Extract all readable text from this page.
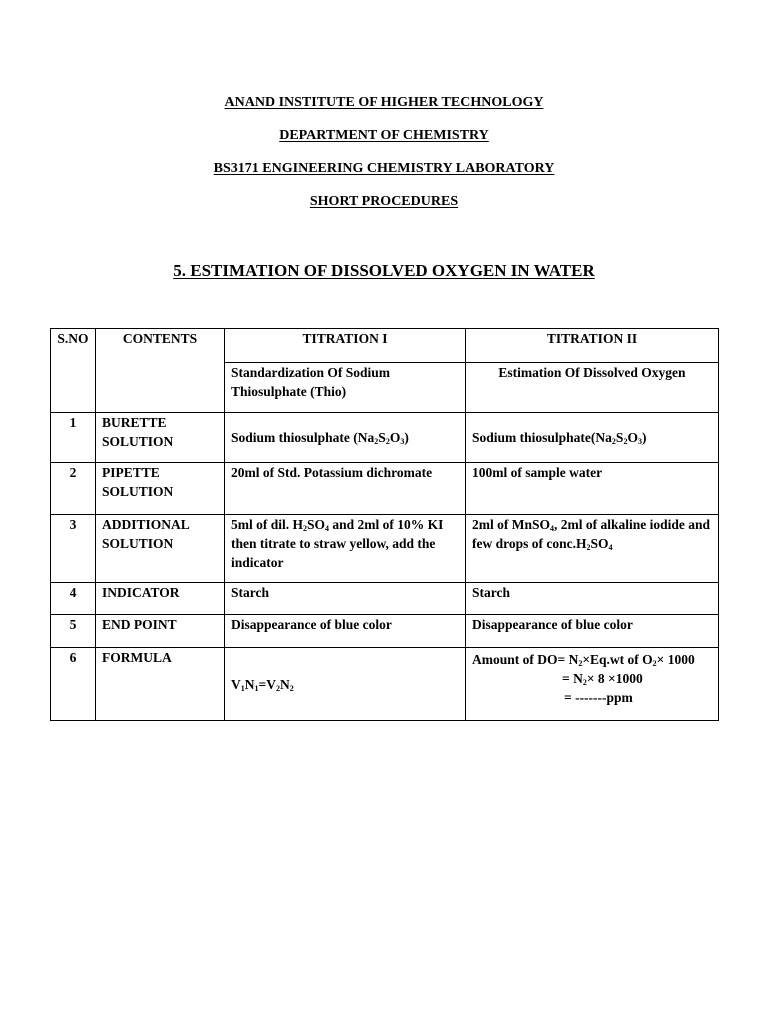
ANAND INSTITUTE OF HIGHER TECHNOLOGY
DEPARTMENT OF CHEMISTRY
BS3171 ENGINEERING CHEMISTRY LABORATORY
SHORT PROCEDURES
5. ESTIMATION OF DISSOLVED OXYGEN IN WATER
S.NO	CONTENTS	TITRATION I	TITRATION II
		Standardization Of Sodium Thiosulphate (Thio)	Estimation Of Dissolved Oxygen
1	BURETTE SOLUTION	Sodium thiosulphate $(Na_2S_2O_3)$	Sodium $thiosulphate(Na_2S_2O_3)$
2	PIPETTE SOLUTION	20ml of Std. Potassium dichromate	100ml of sample water
3	ADDITIONAL SOLUTION	5ml of dil. $H_2SO_4$ and 2ml of 10% KI then titrate to straw yellow, add the indicator	2ml of MnSO$_4$, 2ml of alkaline iodide and few drops of $conc.H_2SO_4$
4	INDICATOR	Starch	Starch
5	END POINT	Disappearance of blue color	Disappearance of blue color
6	FORMULA	$V_1N_1=V_2N_2$	Amount of $DO= N_2\times Eq.wt$ of $O_2\times 1000$
= $N_2\times 8 \times 1000$
= -------ppm
